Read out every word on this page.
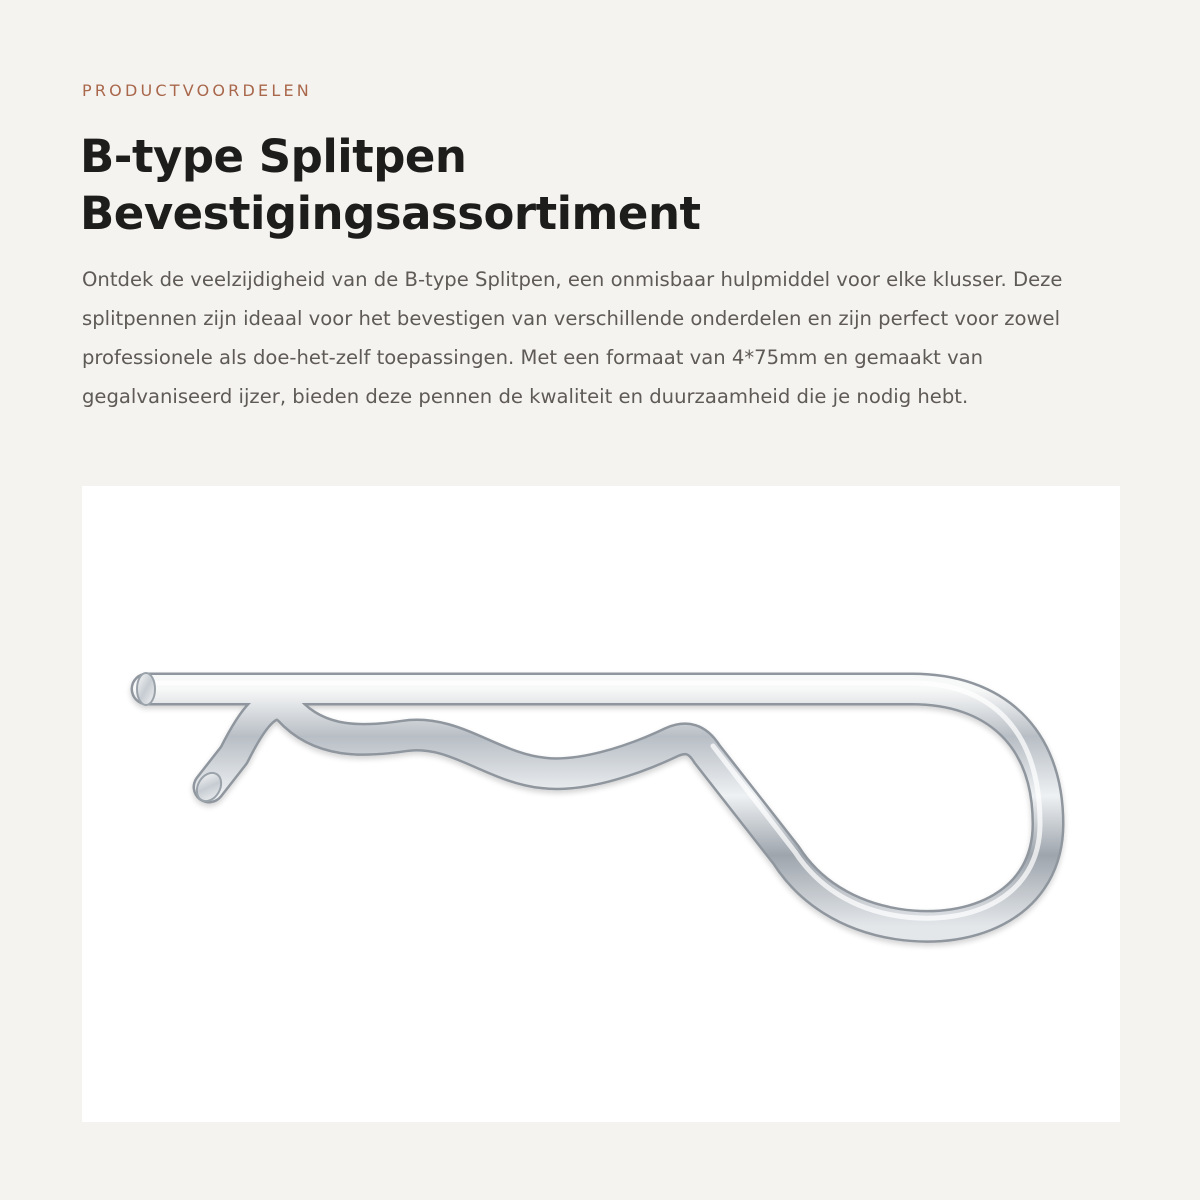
PRODUCTVOORDELEN
B-type Splitpen
Bevestigingsassortiment

Ontdek de veelzijdigheid van de B-type Splitpen, een onmisbaar hulpmiddel voor elke klusser. Deze splitpennen zijn ideaal voor het bevestigen van verschillende onderdelen en zijn perfect voor zowel professionele als doe-het-zelf toepassingen. Met een formaat van 4*75mm en gemaakt van gegalvaniseerd ijzer, bieden deze pennen de kwaliteit en duurzaamheid die je nodig hebt.
